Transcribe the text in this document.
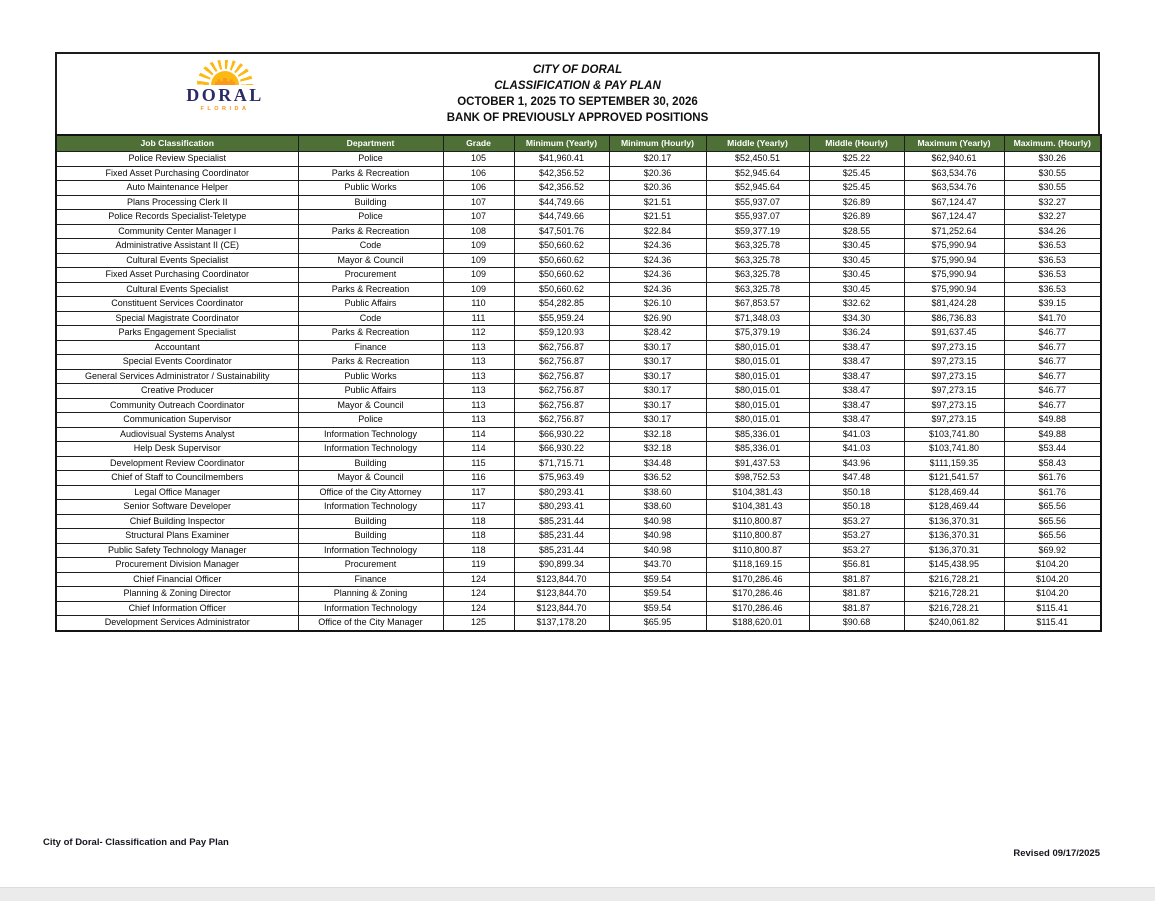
DORAL
FLORIDA
CITY OF DORAL
CLASSIFICATION & PAY PLAN
OCTOBER 1, 2025 TO SEPTEMBER 30, 2026
BANK OF PREVIOUSLY APPROVED POSITIONS
Job Classification	Department	Grade	Minimum (Yearly)	Minimum (Hourly)	Middle (Yearly)	Middle (Hourly)	Maximum (Yearly)	Maximum. (Hourly)
Police Review Specialist	Police	105	$41,960.41	$20.17	$52,450.51	$25.22	$62,940.61	$30.26
Fixed Asset Purchasing Coordinator	Parks & Recreation	106	$42,356.52	$20.36	$52,945.64	$25.45	$63,534.76	$30.55
Auto Maintenance Helper	Public Works	106	$42,356.52	$20.36	$52,945.64	$25.45	$63,534.76	$30.55
Plans Processing Clerk II	Building	107	$44,749.66	$21.51	$55,937.07	$26.89	$67,124.47	$32.27
Police Records Specialist-Teletype	Police	107	$44,749.66	$21.51	$55,937.07	$26.89	$67,124.47	$32.27
Community Center Manager I	Parks & Recreation	108	$47,501.76	$22.84	$59,377.19	$28.55	$71,252.64	$34.26
Administrative Assistant II (CE)	Code	109	$50,660.62	$24.36	$63,325.78	$30.45	$75,990.94	$36.53
Cultural Events Specialist	Mayor & Council	109	$50,660.62	$24.36	$63,325.78	$30.45	$75,990.94	$36.53
Fixed Asset Purchasing Coordinator	Procurement	109	$50,660.62	$24.36	$63,325.78	$30.45	$75,990.94	$36.53
Cultural Events Specialist	Parks & Recreation	109	$50,660.62	$24.36	$63,325.78	$30.45	$75,990.94	$36.53
Constituent Services Coordinator	Public Affairs	110	$54,282.85	$26.10	$67,853.57	$32.62	$81,424.28	$39.15
Special Magistrate Coordinator	Code	111	$55,959.24	$26.90	$71,348.03	$34.30	$86,736.83	$41.70
Parks Engagement Specialist	Parks & Recreation	112	$59,120.93	$28.42	$75,379.19	$36.24	$91,637.45	$46.77
Accountant	Finance	113	$62,756.87	$30.17	$80,015.01	$38.47	$97,273.15	$46.77
Special Events Coordinator	Parks & Recreation	113	$62,756.87	$30.17	$80,015.01	$38.47	$97,273.15	$46.77
General Services Administrator / Sustainability	Public Works	113	$62,756.87	$30.17	$80,015.01	$38.47	$97,273.15	$46.77
Creative Producer	Public Affairs	113	$62,756.87	$30.17	$80,015.01	$38.47	$97,273.15	$46.77
Community Outreach Coordinator	Mayor & Council	113	$62,756.87	$30.17	$80,015.01	$38.47	$97,273.15	$46.77
Communication Supervisor	Police	113	$62,756.87	$30.17	$80,015.01	$38.47	$97,273.15	$49.88
Audiovisual Systems Analyst	Information Technology	114	$66,930.22	$32.18	$85,336.01	$41.03	$103,741.80	$49.88
Help Desk Supervisor	Information Technology	114	$66,930.22	$32.18	$85,336.01	$41.03	$103,741.80	$53.44
Development Review Coordinator	Building	115	$71,715.71	$34.48	$91,437.53	$43.96	$111,159.35	$58.43
Chief of Staff to Councilmembers	Mayor & Council	116	$75,963.49	$36.52	$98,752.53	$47.48	$121,541.57	$61.76
Legal Office Manager	Office of the City Attorney	117	$80,293.41	$38.60	$104,381.43	$50.18	$128,469.44	$61.76
Senior Software Developer	Information Technology	117	$80,293.41	$38.60	$104,381.43	$50.18	$128,469.44	$65.56
Chief Building Inspector	Building	118	$85,231.44	$40.98	$110,800.87	$53.27	$136,370.31	$65.56
Structural Plans Examiner	Building	118	$85,231.44	$40.98	$110,800.87	$53.27	$136,370.31	$65.56
Public Safety Technology Manager	Information Technology	118	$85,231.44	$40.98	$110,800.87	$53.27	$136,370.31	$69.92
Procurement Division Manager	Procurement	119	$90,899.34	$43.70	$118,169.15	$56.81	$145,438.95	$104.20
Chief Financial Officer	Finance	124	$123,844.70	$59.54	$170,286.46	$81.87	$216,728.21	$104.20
Planning & Zoning Director	Planning & Zoning	124	$123,844.70	$59.54	$170,286.46	$81.87	$216,728.21	$104.20
Chief Information Officer	Information Technology	124	$123,844.70	$59.54	$170,286.46	$81.87	$216,728.21	$115.41
Development Services Administrator	Office of the City Manager	125	$137,178.20	$65.95	$188,620.01	$90.68	$240,061.82	$115.41
City of Doral- Classification and Pay Plan
Revised 09/17/2025
